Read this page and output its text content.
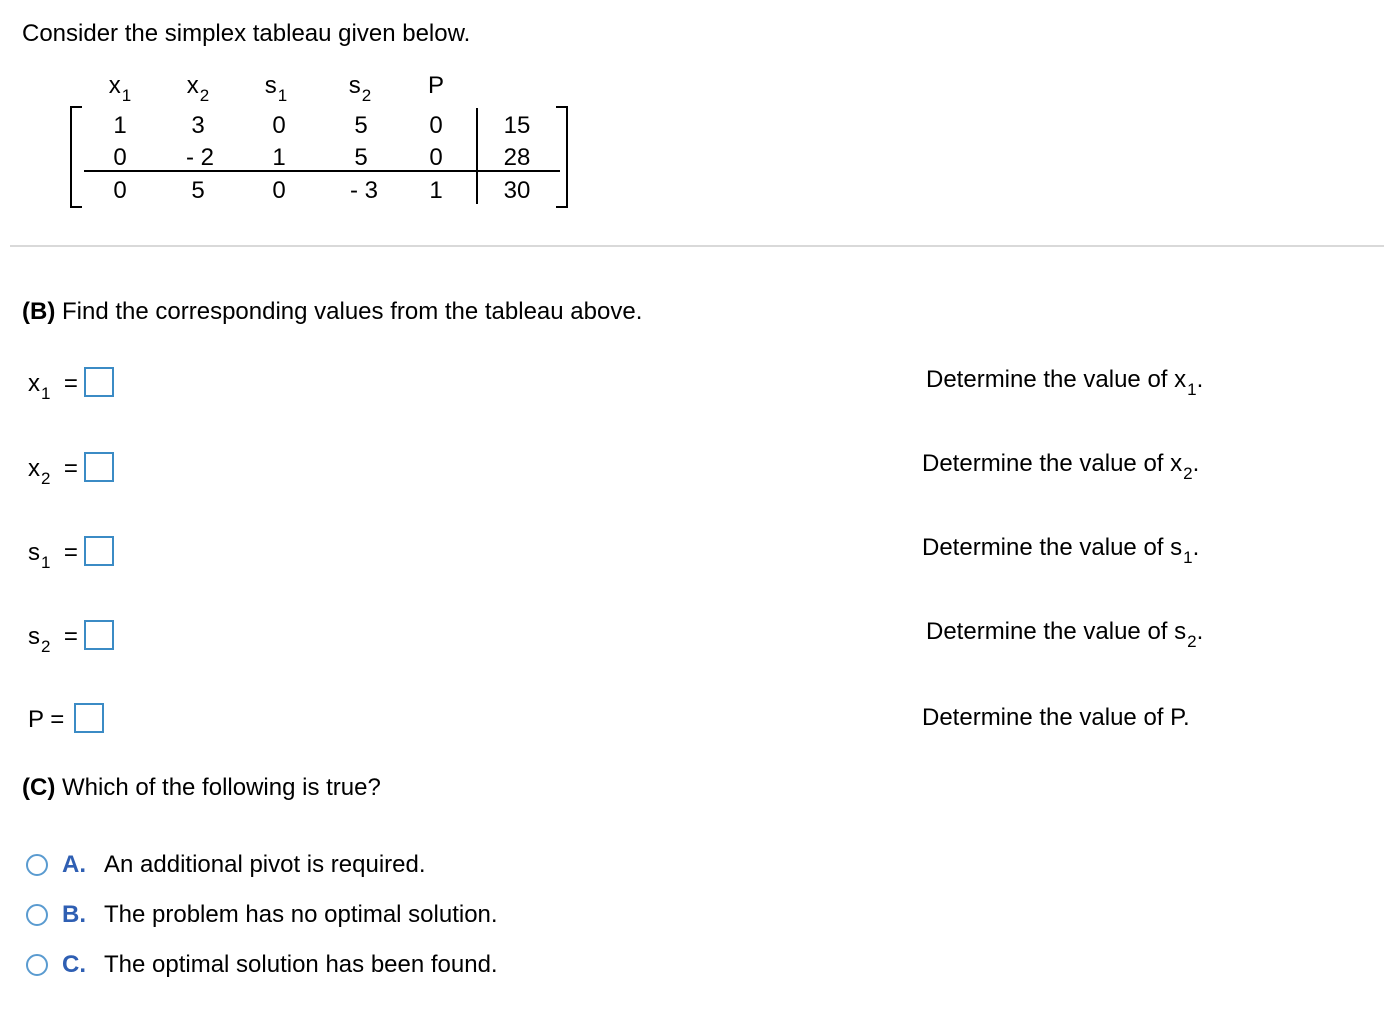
Consider the simplex tableau given below.
$x_1$	$x_2$	$s_1$	$s_2$	P
1	3	0	5	0	15
0	- 2	1	5	0	28
0	5	0	- 3	1	30
(B) Find the corresponding values from the tableau above.
$x_1$ =	Determine the value of $x_1$.
$x_2$ =	Determine the value of $x_2$.
$s_1$ =	Determine the value of $s_1$.
$s_2$ =	Determine the value of $s_2$.
P =	Determine the value of P.
(C) Which of the following is true?
A. An additional pivot is required.
B. The problem has no optimal solution.
C. The optimal solution has been found.
